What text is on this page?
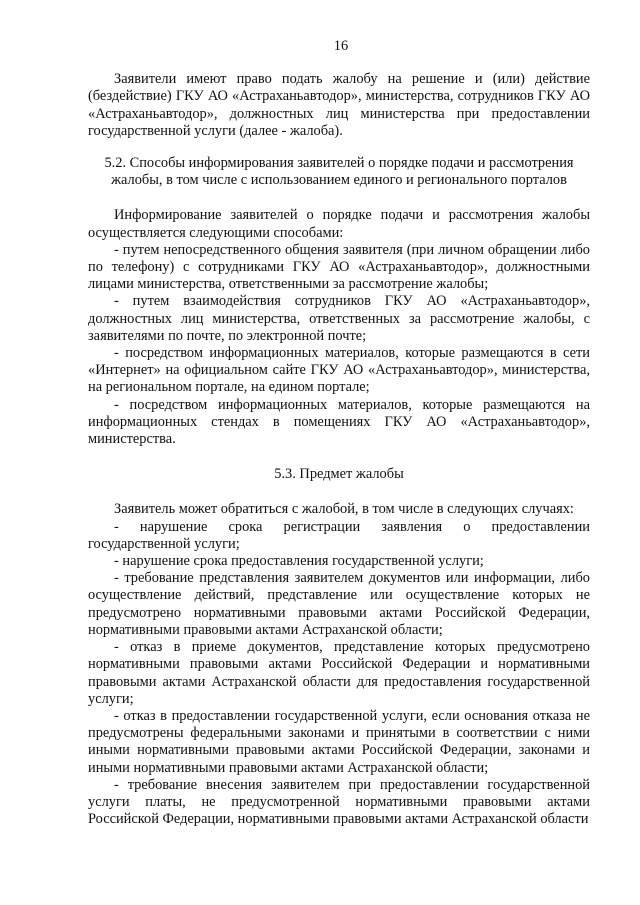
16

Заявители имеют право подать жалобу на решение и (или) действие (бездействие) ГКУ АО «Астраханьавтодор», министерства, сотрудников ГКУ АО «Астраханьавтодор», должностных лиц министерства при предоставлении государственной услуги (далее - жалоба).

5.2. Способы информирования заявителей о порядке подачи и рассмотрения жалобы, в том числе с использованием единого и регионального порталов

Информирование заявителей о порядке подачи и рассмотрения жалобы осуществляется следующими способами:

- путем непосредственного общения заявителя (при личном обращении либо по телефону) с сотрудниками ГКУ АО «Астраханьавтодор», должностными лицами министерства, ответственными за рассмотрение жалобы;

- путем взаимодействия сотрудников ГКУ АО «Астраханьавтодор», должностных лиц министерства, ответственных за рассмотрение жалобы, с заявителями по почте, по электронной почте;

- посредством информационных материалов, которые размещаются в сети «Интернет» на официальном сайте ГКУ АО «Астраханьавтодор», министерства, на региональном портале, на едином портале;

- посредством информационных материалов, которые размещаются на информационных стендах в помещениях ГКУ АО «Астраханьавтодор», министерства.

5.3. Предмет жалобы

Заявитель может обратиться с жалобой, в том числе в следующих случаях:

- нарушение срока регистрации заявления о предоставлении государственной услуги;

- нарушение срока предоставления государственной услуги;

- требование представления заявителем документов или информации, либо осуществление действий, представление или осуществление которых не предусмотрено нормативными правовыми актами Российской Федерации, нормативными правовыми актами Астраханской области;

- отказ в приеме документов, представление которых предусмотрено нормативными правовыми актами Российской Федерации и нормативными правовыми актами Астраханской области для предоставления государственной услуги;

- отказ в предоставлении государственной услуги, если основания отказа не предусмотрены федеральными законами и принятыми в соответствии с ними иными нормативными правовыми актами Российской Федерации, законами и иными нормативными правовыми актами Астраханской области;

- требование внесения заявителем при предоставлении государственной услуги платы, не предусмотренной нормативными правовыми актами Российской Федерации, нормативными правовыми актами Астраханской области
